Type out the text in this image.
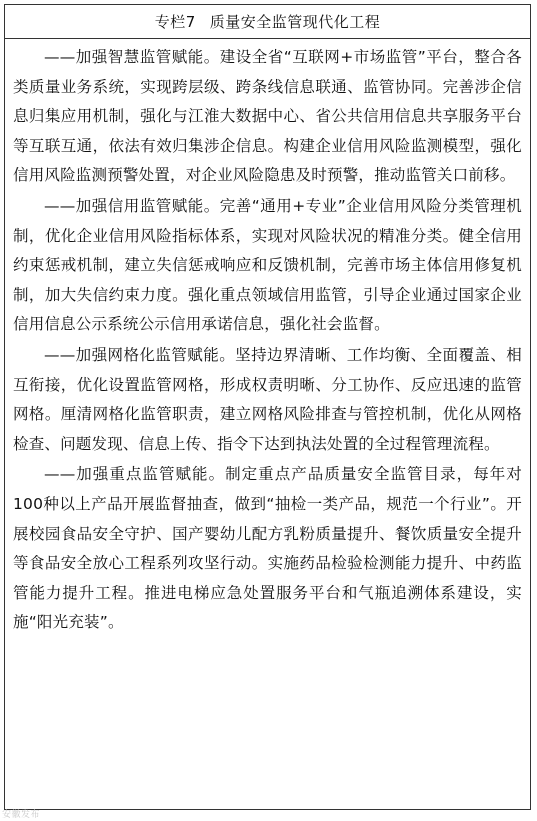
专栏7 质量安全监管现代化工程

——加强智慧监管赋能。建设全省“互联网+市场监管”平台，整合各类质量业务系统，实现跨层级、跨条线信息联通、监管协同。完善涉企信息归集应用机制，强化与江淮大数据中心、省公共信用信息共享服务平台等互联互通，依法有效归集涉企信息。构建企业信用风险监测模型，强化信用风险监测预警处置，对企业风险隐患及时预警，推动监管关口前移。

——加强信用监管赋能。完善“通用+专业”企业信用风险分类管理机制，优化企业信用风险指标体系，实现对风险状况的精准分类。健全信用约束惩戒机制，建立失信惩戒响应和反馈机制，完善市场主体信用修复机制，加大失信约束力度。强化重点领域信用监管，引导企业通过国家企业信用信息公示系统公示信用承诺信息，强化社会监督。

——加强网格化监管赋能。坚持边界清晰、工作均衡、全面覆盖、相互衔接，优化设置监管网格，形成权责明晰、分工协作、反应迅速的监管网格。厘清网格化监管职责，建立网格风险排查与管控机制，优化从网格检查、问题发现、信息上传、指令下达到执法处置的全过程管理流程。

——加强重点监管赋能。制定重点产品质量安全监管目录，每年对100种以上产品开展监督抽查，做到“抽检一类产品，规范一个行业”。开展校园食品安全守护、国产婴幼儿配方乳粉质量提升、餐饮质量安全提升等食品安全放心工程系列攻坚行动。实施药品检验检测能力提升、中药监管能力提升工程。推进电梯应急处置服务平台和气瓶追溯体系建设，实施“阳光充装”。

安徽发布
